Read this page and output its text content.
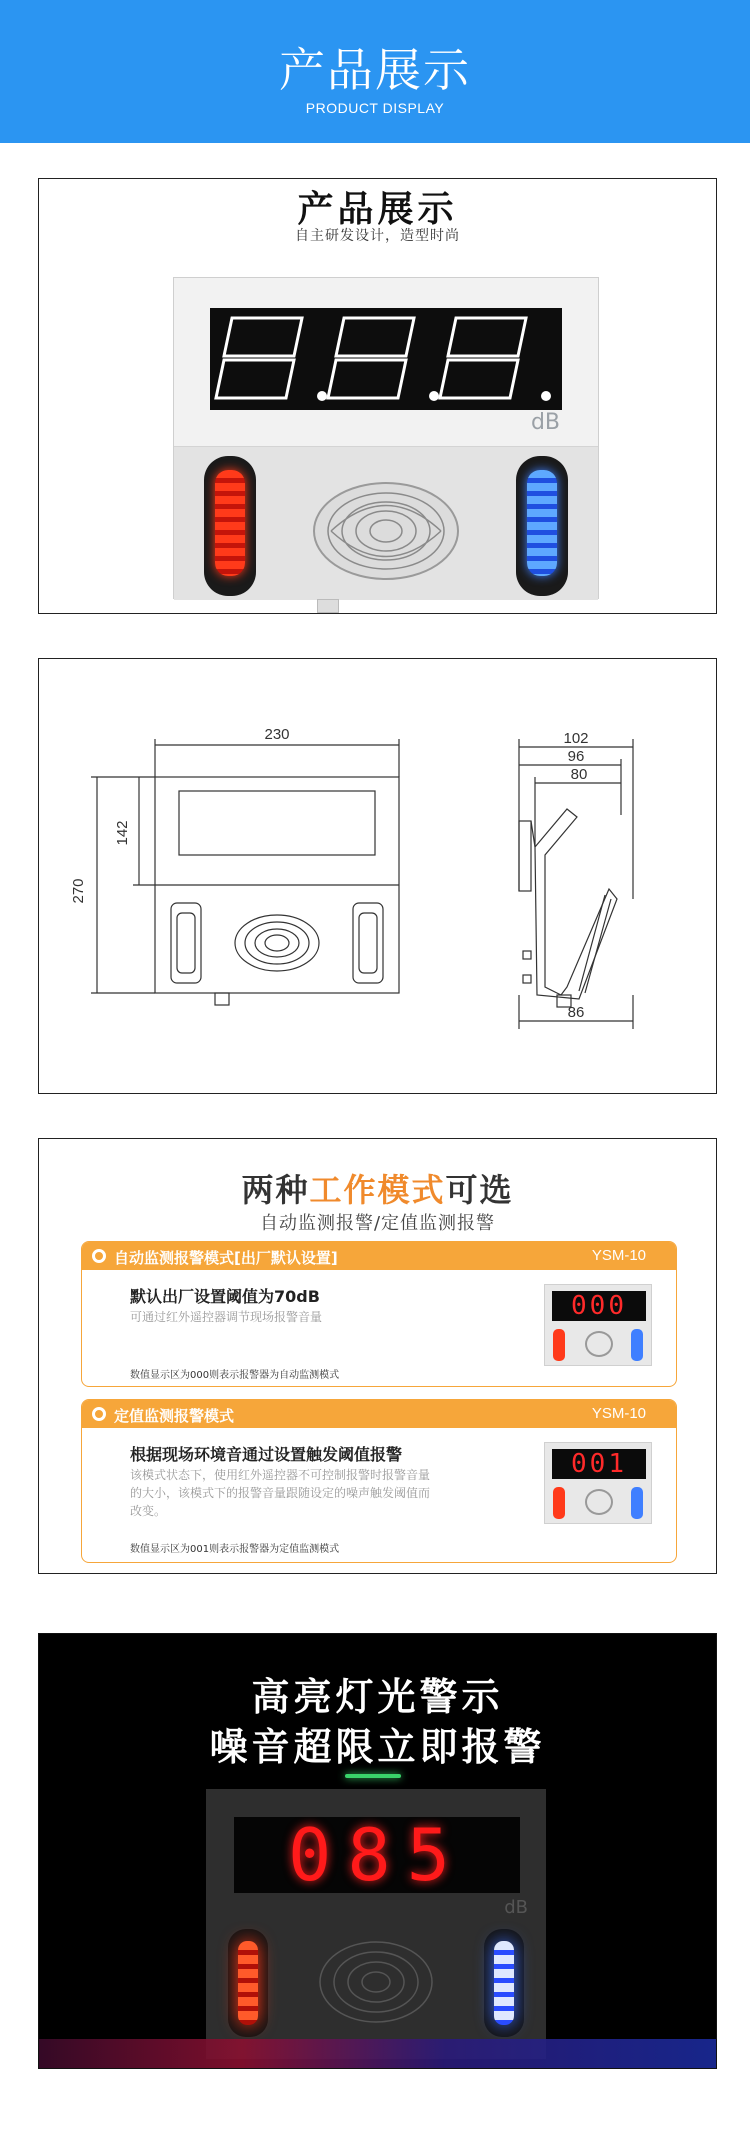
产品展示
PRODUCT DISPLAY
产品展示
自主研发设计，造型时尚
dB
230
270
142
102
96
80
86
两种工作模式可选
自动监测报警/定值监测报警
自动监测报警模式[出厂默认设置]	YSM-10
默认出厂设置阈值为70dB
可通过红外遥控器调节现场报警音量
数值显示区为000则表示报警器为自动监测模式
000
定值监测报警模式	YSM-10
根据现场环境音通过设置触发阈值报警
该模式状态下，使用红外遥控器不可控制报警时报警音量的大小，该模式下的报警音量跟随设定的噪声触发阈值而改变。
数值显示区为001则表示报警器为定值监测模式
001
高亮灯光警示
噪音超限立即报警
085
dB
